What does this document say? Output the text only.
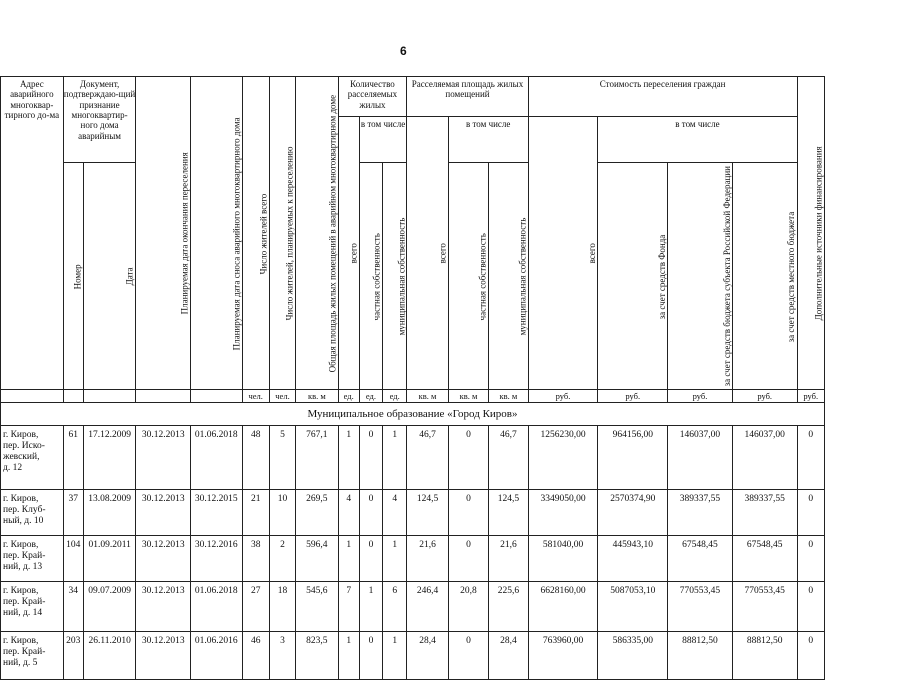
6
Адрес аварийного многоквар-тирного до-ма	Документ, подтверждаю-щий признание многоквартир-ного дома аварийным		Планируемая дата окончания переселения	Планируемая дата сноса аварийного многоквартирного дома	Число жителей всего	Число жителей, планируемых к переселению	Общая площадь жилых помещений в аварийном многоквартирном доме	Количество расселяемых жилых			Расселяемая площадь жилых помещений			Стоимость переселения граждан				Дополнительные источники финансирования
								всего	в том числе		всего	в том числе		всего	в том числе			
	Номер	Дата							частная собственность	муниципальная собственность		частная собственность	муниципальная собственность		за счет средств Фонда	за счет средств бюджета субъекта Российской Федерации	за счет средств местного бюджета	
					чел.	чел.	кв. м	ед.	ед.	ед.	кв. м	кв. м	кв. м	руб.	руб.	руб.	руб.	руб.
Муниципальное образование «Город Киров»																		
г. Киров,
пер. Иско-
жевский,
д. 12	61	17.12.2009	30.12.2013	01.06.2018	48	5	767,1	1	0	1	46,7	0	46,7	1256230,00	964156,00	146037,00	146037,00	0
г. Киров,
пер. Клуб-
ный, д. 10	37	13.08.2009	30.12.2013	30.12.2015	21	10	269,5	4	0	4	124,5	0	124,5	3349050,00	2570374,90	389337,55	389337,55	0
г. Киров,
пер. Край-
ний, д. 13	104	01.09.2011	30.12.2013	30.12.2016	38	2	596,4	1	0	1	21,6	0	21,6	581040,00	445943,10	67548,45	67548,45	0
г. Киров,
пер. Край-
ний, д. 14	34	09.07.2009	30.12.2013	01.06.2018	27	18	545,6	7	1	6	246,4	20,8	225,6	6628160,00	5087053,10	770553,45	770553,45	0
г. Киров,
пер. Край-
ний, д. 5	203	26.11.2010	30.12.2013	01.06.2016	46	3	823,5	1	0	1	28,4	0	28,4	763960,00	586335,00	88812,50	88812,50	0
